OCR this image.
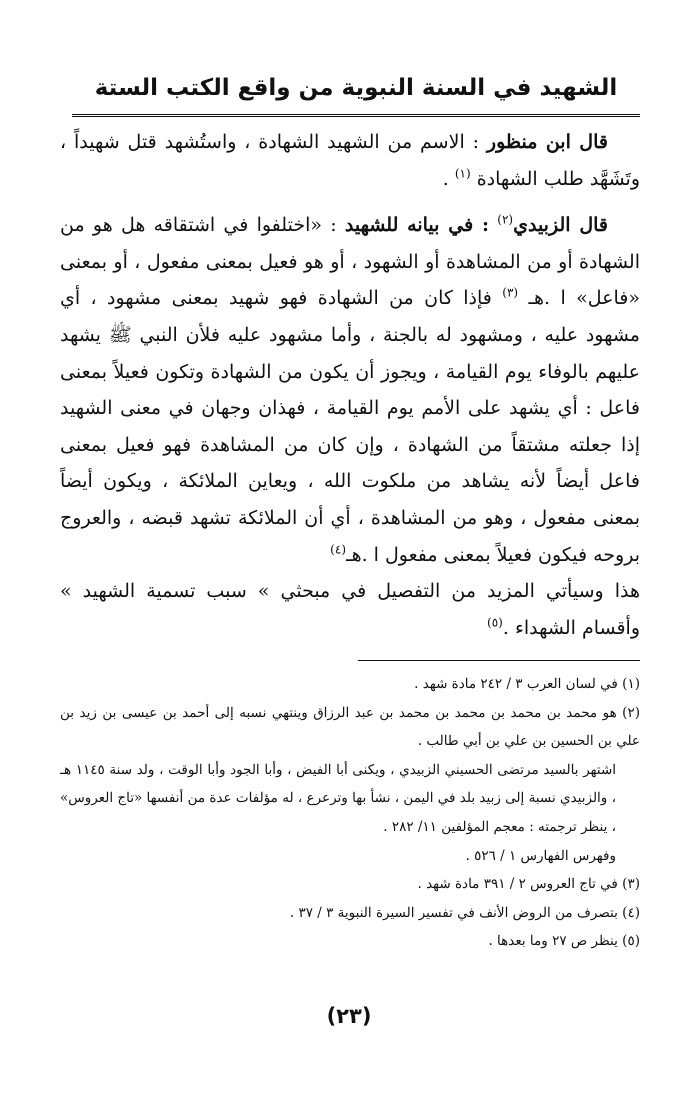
الشهيد في السنة النبوية من واقع الكتب الستة

قال ابن منظور : الاسم من الشهيد الشهادة ، واستُشهد قتل شهيداً ، وتَشَهَّد طلب الشهادة $^{(١)}$ .

قال الزبيدي$^{(٢)}$ : في بيانه للشهيد : «اختلفوا في اشتقاقه هل هو من الشهادة أو من المشاهدة أو الشهود ، أو هو فعيل بمعنى مفعول ، أو بمعنى «فاعل» ا .هـ $^{(٣)}$ فإذا كان من الشهادة فهو شهيد بمعنى مشهود ، أي مشهود عليه ، ومشهود له بالجنة ، وأما مشهود عليه فلأن النبي ﷺ يشهد عليهم بالوفاء يوم القيامة ، ويجوز أن يكون من الشهادة وتكون فعيلاً بمعنى فاعل : أي يشهد على الأمم يوم القيامة ، فهذان وجهان في معنى الشهيد إذا جعلته مشتقاً من الشهادة ، وإن كان من المشاهدة فهو فعيل بمعنى فاعل أيضاً لأنه يشاهد من ملكوت الله ، ويعاين الملائكة ، ويكون أيضاً بمعنى مفعول ، وهو من المشاهدة ، أي أن الملائكة تشهد قبضه ، والعروج بروحه فيكون فعيلاً بمعنى مفعول ا .هـ$^{(٤)}$

هذا وسيأتي المزيد من التفصيل في مبحثي » سبب تسمية الشهيد » وأقسام الشهداء .$^{(٥)}$

(١) في لسان العرب ٣ / ٢٤٢ مادة شهد .

(٢) هو محمد بن محمد بن محمد بن محمد بن عبد الرزاق وينتهي نسبه إلى أحمد بن عيسى بن زيد بن علي بن الحسين بن علي بن أبي طالب .

اشتهر بالسيد مرتضى الحسيني الزبيدي ، ويكنى أبا الفيض ، وأبا الجود وأبا الوقت ، ولد سنة ١١٤٥ هـ ، والزبيدي نسبة إلى زبيد بلد في اليمن ، نشأ بها وترعرع ، له مؤلفات عدة من أنفسها «تاج العروس» ، ينظر ترجمته : معجم المؤلفين ١١/ ٢٨٢ .

وفهرس الفهارس ١ / ٥٢٦ .

(٣) في تاج العروس ٢ / ٣٩١ مادة شهد .

(٤) بتصرف من الروض الأنف في تفسير السيرة النبوية ٣ / ٣٧ .

(٥) ينظر ص ٢٧ وما بعدها .

(٢٣)
